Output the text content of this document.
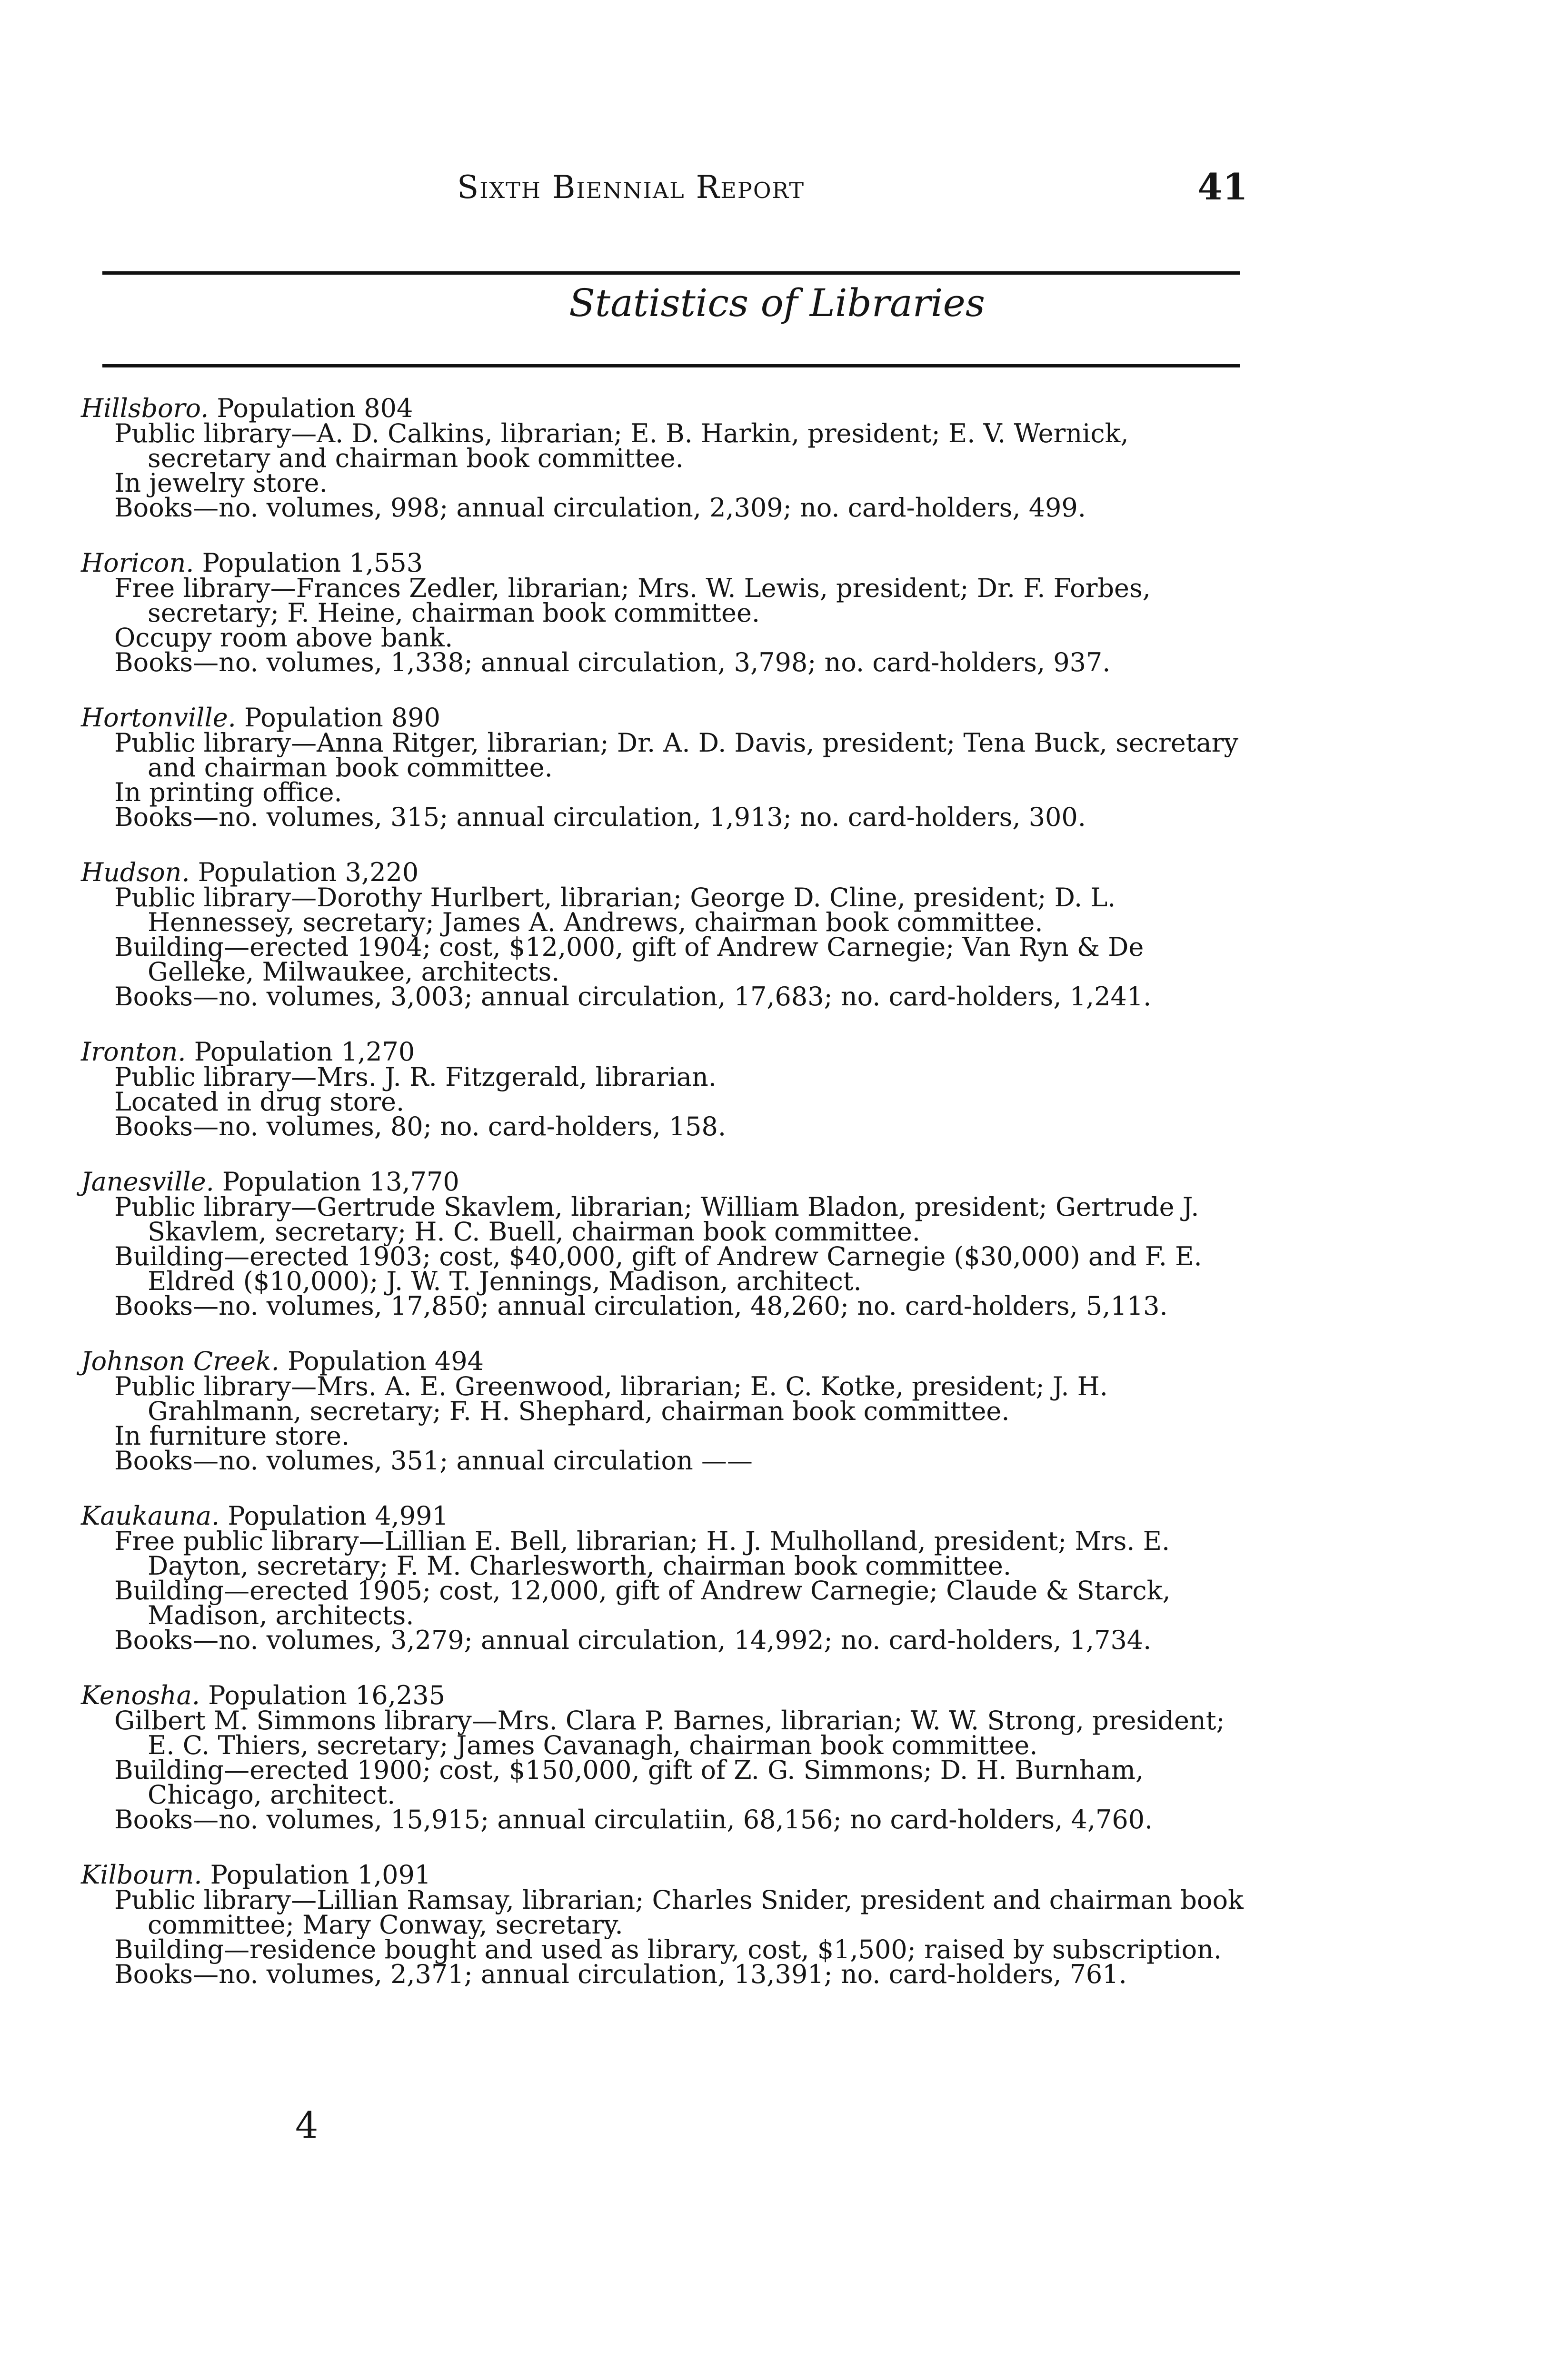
Sixth Biennial Report	41
Statistics of Libraries
Hillsboro. Population 804
Public library—A. D. Calkins, librarian; E. B. Harkin, president; E. V. Wernick, secretary and chairman book committee.
In jewelry store.
Books—no. volumes, 998; annual circulation, 2,309; no. card-holders, 499.
Horicon. Population 1,553
Free library—Frances Zedler, librarian; Mrs. W. Lewis, president; Dr. F. Forbes, secretary; F. Heine, chairman book committee.
Occupy room above bank.
Books—no. volumes, 1,338; annual circulation, 3,798; no. card-holders, 937.
Hortonville. Population 890
Public library—Anna Ritger, librarian; Dr. A. D. Davis, president; Tena Buck, secretary and chairman book committee.
In printing office.
Books—no. volumes, 315; annual circulation, 1,913; no. card-holders, 300.
Hudson. Population 3,220
Public library—Dorothy Hurlbert, librarian; George D. Cline, president; D. L. Hennessey, secretary; James A. Andrews, chairman book committee.
Building—erected 1904; cost, $12,000, gift of Andrew Carnegie; Van Ryn & De Gelleke, Milwaukee, architects.
Books—no. volumes, 3,003; annual circulation, 17,683; no. card-holders, 1,241.
Ironton. Population 1,270
Public library—Mrs. J. R. Fitzgerald, librarian.
Located in drug store.
Books—no. volumes, 80; no. card-holders, 158.
Janesville. Population 13,770
Public library—Gertrude Skavlem, librarian; William Bladon, president; Gertrude J. Skavlem, secretary; H. C. Buell, chairman book committee.
Building—erected 1903; cost, $40,000, gift of Andrew Carnegie ($30,000) and F. E. Eldred ($10,000); J. W. T. Jennings, Madison, architect.
Books—no. volumes, 17,850; annual circulation, 48,260; no. card-holders, 5,113.
Johnson Creek. Population 494
Public library—Mrs. A. E. Greenwood, librarian; E. C. Kotke, president; J. H. Grahlmann, secretary; F. H. Shephard, chairman book committee.
In furniture store.
Books—no. volumes, 351; annual circulation ——
Kaukauna. Population 4,991
Free public library—Lillian E. Bell, librarian; H. J. Mulholland, president; Mrs. E. Dayton, secretary; F. M. Charlesworth, chairman book committee.
Building—erected 1905; cost, 12,000, gift of Andrew Carnegie; Claude & Starck, Madison, architects.
Books—no. volumes, 3,279; annual circulation, 14,992; no. card-holders, 1,734.
Kenosha. Population 16,235
Gilbert M. Simmons library—Mrs. Clara P. Barnes, librarian; W. W. Strong, president; E. C. Thiers, secretary; James Cavanagh, chairman book committee.
Building—erected 1900; cost, $150,000, gift of Z. G. Simmons; D. H. Burnham, Chicago, architect.
Books—no. volumes, 15,915; annual circulatiin, 68,156; no card-holders, 4,760.
Kilbourn. Population 1,091
Public library—Lillian Ramsay, librarian; Charles Snider, president and chairman book committee; Mary Conway, secretary.
Building—residence bought and used as library, cost, $1,500; raised by subscription.
Books—no. volumes, 2,371; annual circulation, 13,391; no. card-holders, 761.
4
